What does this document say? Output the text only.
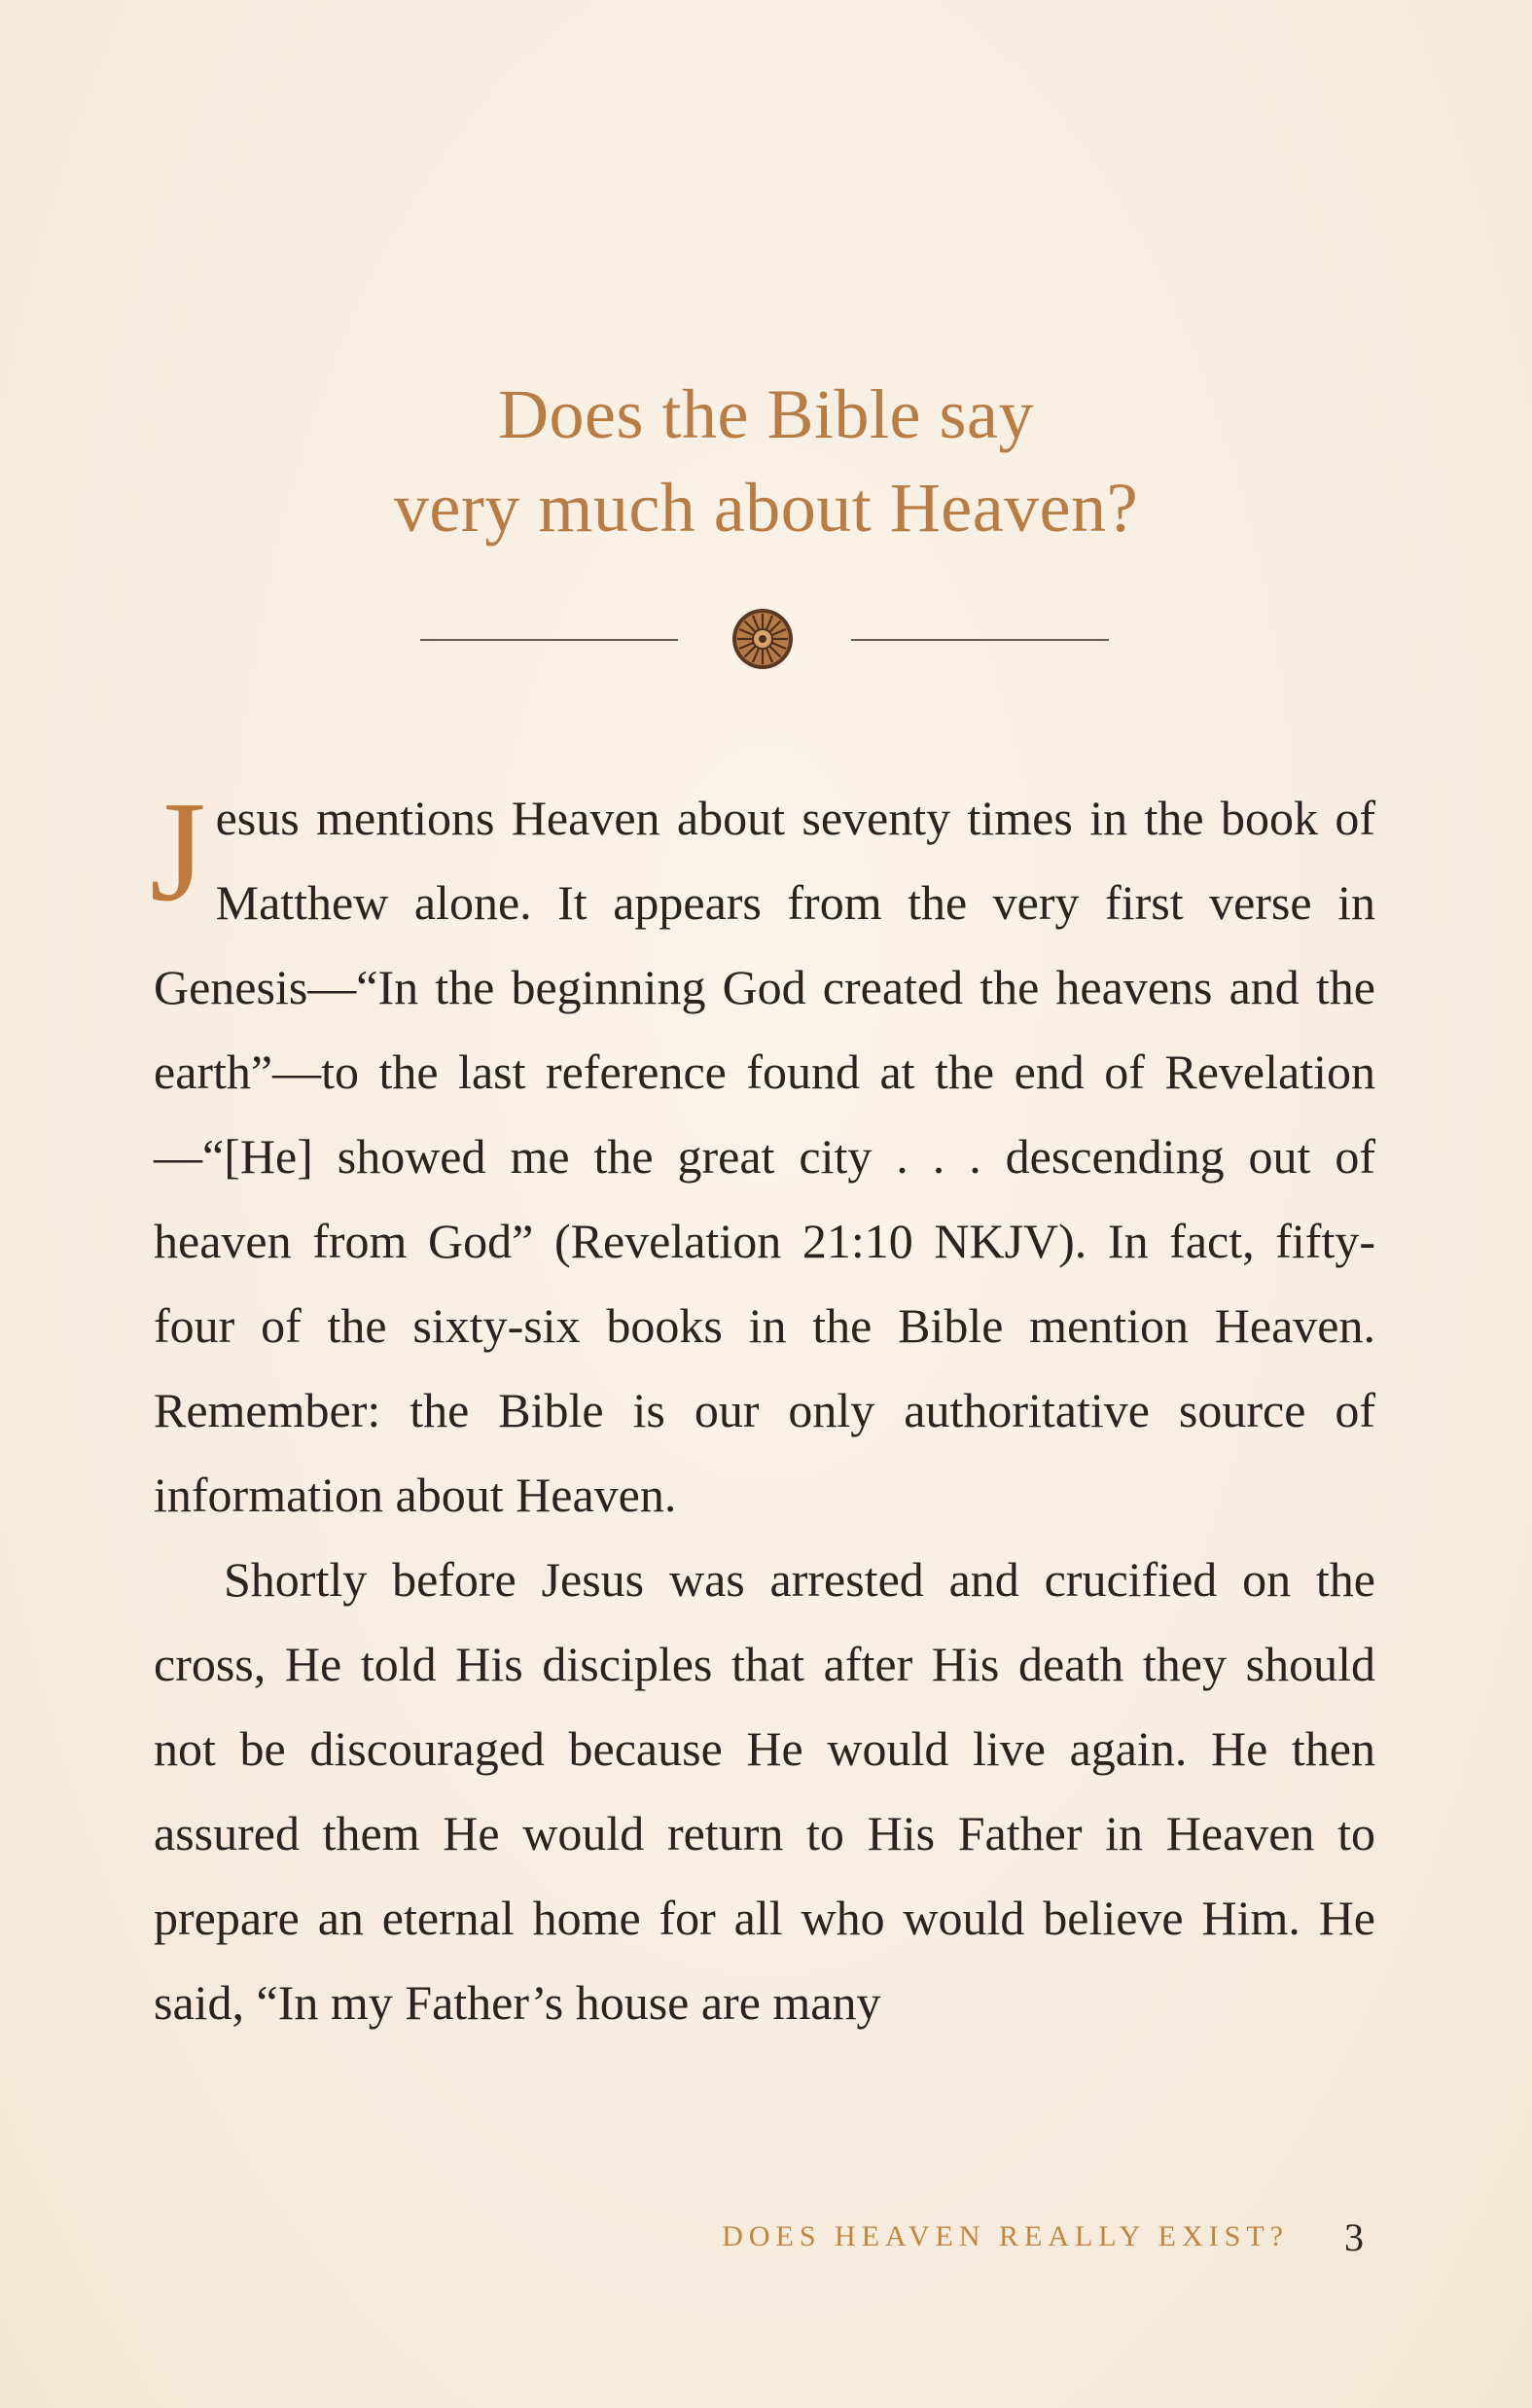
Does the Bible say
very much about Heaven?

Jesus mentions Heaven about seventy times in the book of Matthew alone. It appears from the very first verse in Genesis—“In the beginning God created the heavens and the earth”—to the last reference found at the end of Revelation—“[He] showed me the great city . . . descending out of heaven from God” (Revelation 21:10 NKJV). In fact, fifty-four of the sixty-six books in the Bible mention Heaven. Remember: the Bible is our only authoritative source of information about Heaven.

Shortly before Jesus was arrested and crucified on the cross, He told His disciples that after His death they should not be discouraged because He would live again. He then assured them He would return to His Father in Heaven to prepare an eternal home for all who would believe Him. He said, “In my Father’s house are many

DOES HEAVEN REALLY EXIST? 3
